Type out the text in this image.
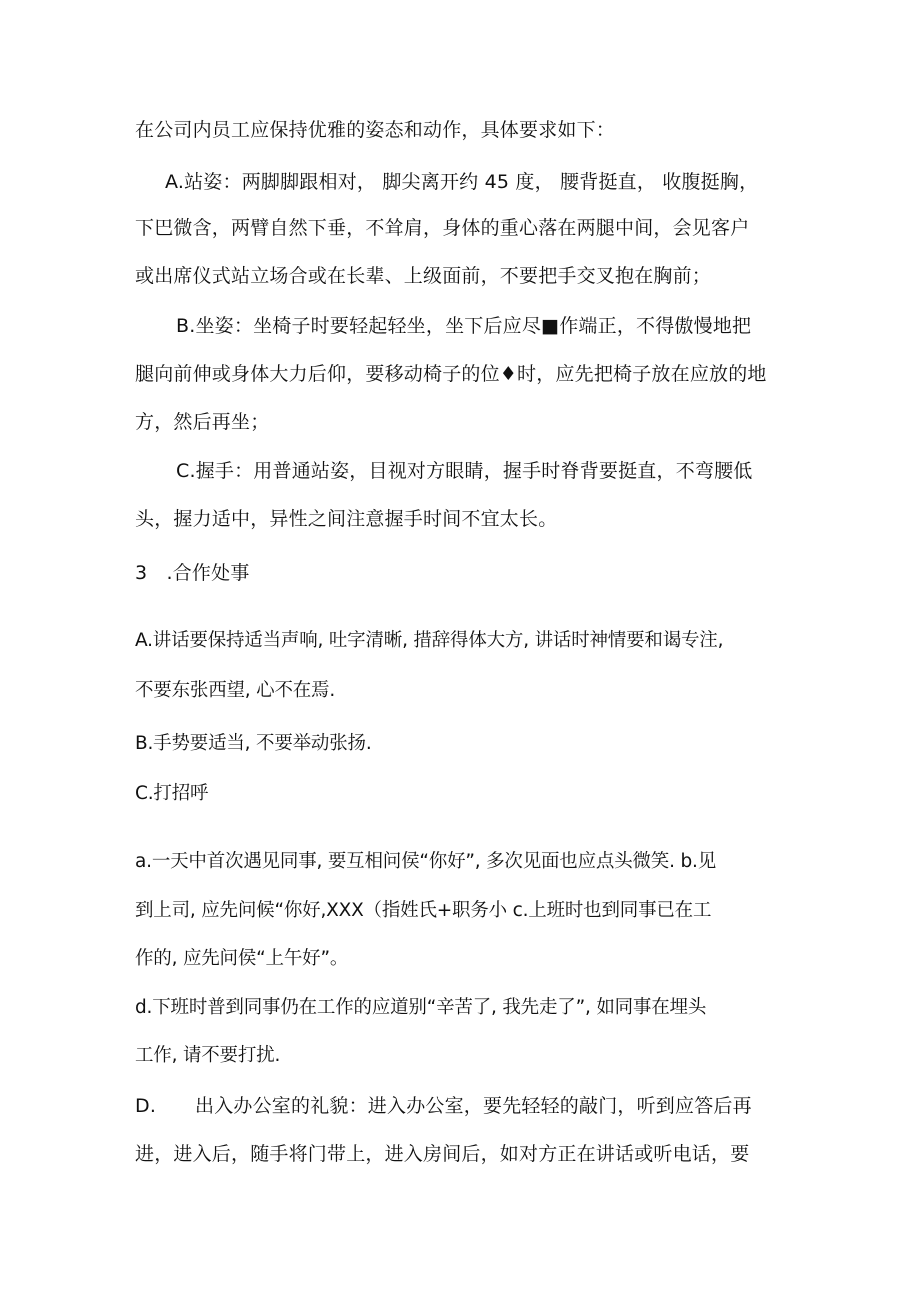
在公司内员工应保持优雅的姿态和动作，具体要求如下：
A.站姿：两脚脚跟相对， 脚尖离开约 45 度， 腰背挺直， 收腹挺胸，
下巴微含，两臂自然下垂，不耸肩，身体的重心落在两腿中间，会见客户
或出席仪式站立场合或在长辈、上级面前，不要把手交叉抱在胸前；
B.坐姿：坐椅子时要轻起轻坐，坐下后应尽■作端正，不得傲慢地把
腿向前伸或身体大力后仰，要移动椅子的位♦时，应先把椅子放在应放的地
方，然后再坐；
C.握手：用普通站姿，目视对方眼睛，握手时脊背要挺直，不弯腰低
头，握力适中，异性之间注意握手时间不宜太长。
3　.合作处事
A.讲话要保持适当声响, 吐字清晰, 措辞得体大方, 讲话时神情要和谒专注,
不要东张西望, 心不在焉.
B.手势要适当, 不要举动张扬.
C.打招呼
a.一天中首次遇见同事, 要互相问侯“你好”, 多次见面也应点头微笑. b.见
到上司, 应先问候“你好,XXX（指姓氏+职务小 c.上班时也到同事已在工
作的, 应先问侯“上午好”。
d.下班时普到同事仍在工作的应道别“辛苦了, 我先走了”, 如同事在埋头
工作, 请不要打扰.
D. 出入办公室的礼貌：进入办公室，要先轻轻的敲门，听到应答后再
进，进入后，随手将门带上，进入房间后，如对方正在讲话或听电话，要
